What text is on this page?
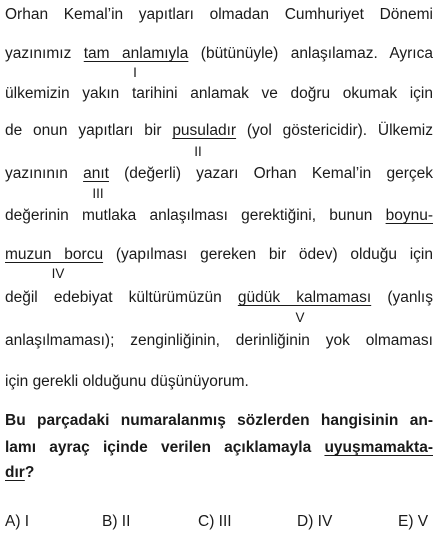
Orhan Kemal’in yapıtları olmadan Cumhuriyet Dönemi
yazınımız tam anlamıyla (bütünüyle) anlaşılamaz. Ayrıca
I
ülkemizin yakın tarihini anlamak ve doğru okumak için
de onun yapıtları bir pusuladır (yol göstericidir). Ülkemiz
II
yazınının anıt (değerli) yazarı Orhan Kemal’in gerçek
III
değerinin mutlaka anlaşılması gerektiğini, bunun boynu-
muzun borcu (yapılması gereken bir ödev) olduğu için
IV
değil edebiyat kültürümüzün güdük kalmaması (yanlış
V
anlaşılmaması); zenginliğinin, derinliğinin yok olmaması
için gerekli olduğunu düşünüyorum.
Bu parçadaki numaralanmış sözlerden hangisinin an-
lamı ayraç içinde verilen açıklamayla uyuşmamakta-
dır?
A) I	B) II	C) III	D) IV	E) V
